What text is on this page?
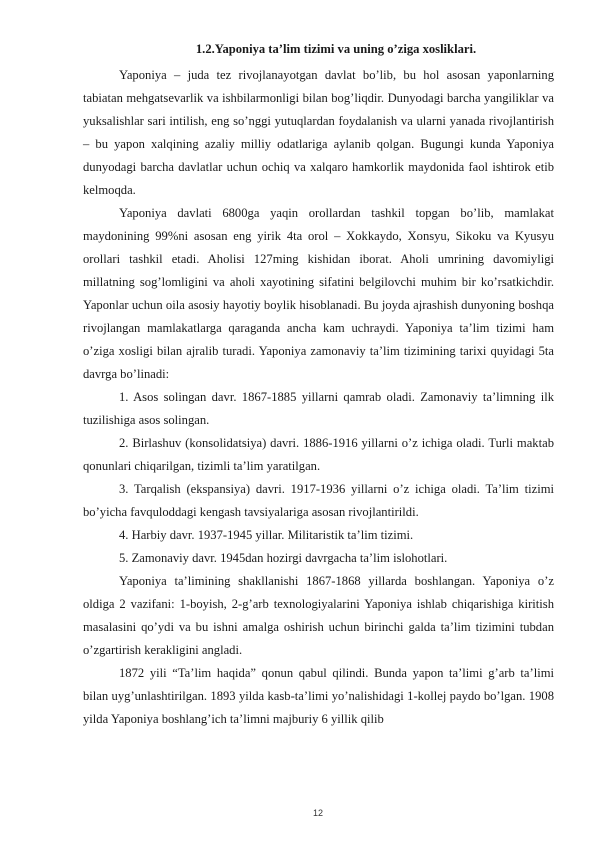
1.2.Yaponiya ta’lim tizimi va uning o’ziga xosliklari.

Yaponiya – juda tez rivojlanayotgan davlat bo’lib, bu hol asosan yaponlarning tabiatan mehgatsevarlik va ishbilarmonligi bilan bog’liqdir. Dunyodagi barcha yangiliklar va yuksalishlar sari intilish, eng so’nggi yutuqlardan foydalanish va ularni yanada rivojlantirish – bu yapon xalqining azaliy milliy odatlariga aylanib qolgan. Bugungi kunda Yaponiya dunyodagi barcha davlatlar uchun ochiq va xalqaro hamkorlik maydonida faol ishtirok etib kelmoqda.

Yaponiya davlati 6800ga yaqin orollardan tashkil topgan bo’lib, mamlakat maydonining 99%ni asosan eng yirik 4ta orol – Xokkaydo, Xonsyu, Sikoku va Kyusyu orollari tashkil etadi. Aholisi 127ming kishidan iborat. Aholi umrining davomiyligi millatning sog’lomligini va aholi xayotining sifatini belgilovchi muhim bir ko’rsatkichdir. Yaponlar uchun oila asosiy hayotiy boylik hisoblanadi. Bu joyda ajrashish dunyoning boshqa rivojlangan mamlakatlarga qaraganda ancha kam uchraydi. Yaponiya ta’lim tizimi ham o’ziga xosligi bilan ajralib turadi. Yaponiya zamonaviy ta’lim tizimining tarixi quyidagi 5ta davrga bo’linadi:

1. Asos solingan davr. 1867-1885 yillarni qamrab oladi. Zamonaviy ta’limning ilk tuzilishiga asos solingan.

2. Birlashuv (konsolidatsiya) davri. 1886-1916 yillarni o’z ichiga oladi. Turli maktab qonunlari chiqarilgan, tizimli ta’lim yaratilgan.

3. Tarqalish (ekspansiya) davri. 1917-1936 yillarni o’z ichiga oladi. Ta’lim tizimi bo’yicha favquloddagi kengash tavsiyalariga asosan rivojlantirildi.

4. Harbiy davr. 1937-1945 yillar. Militaristik ta’lim tizimi.

5. Zamonaviy davr. 1945dan hozirgi davrgacha ta’lim islohotlari.

Yaponiya ta’limining shakllanishi 1867-1868 yillarda boshlangan. Yaponiya o’z oldiga 2 vazifani: 1-boyish, 2-g’arb texnologiyalarini Yaponiya ishlab chiqarishiga kiritish masalasini qo’ydi va bu ishni amalga oshirish uchun birinchi galda ta’lim tizimini tubdan o’zgartirish kerakligini angladi.

1872 yili “Ta’lim haqida” qonun qabul qilindi. Bunda yapon ta’limi g’arb ta’limi bilan uyg’unlashtirilgan. 1893 yilda kasb-ta’limi yo’nalishidagi 1-kollej paydo bo’lgan. 1908 yilda Yaponiya boshlang’ich ta’limni majburiy 6 yillik qilib

12
